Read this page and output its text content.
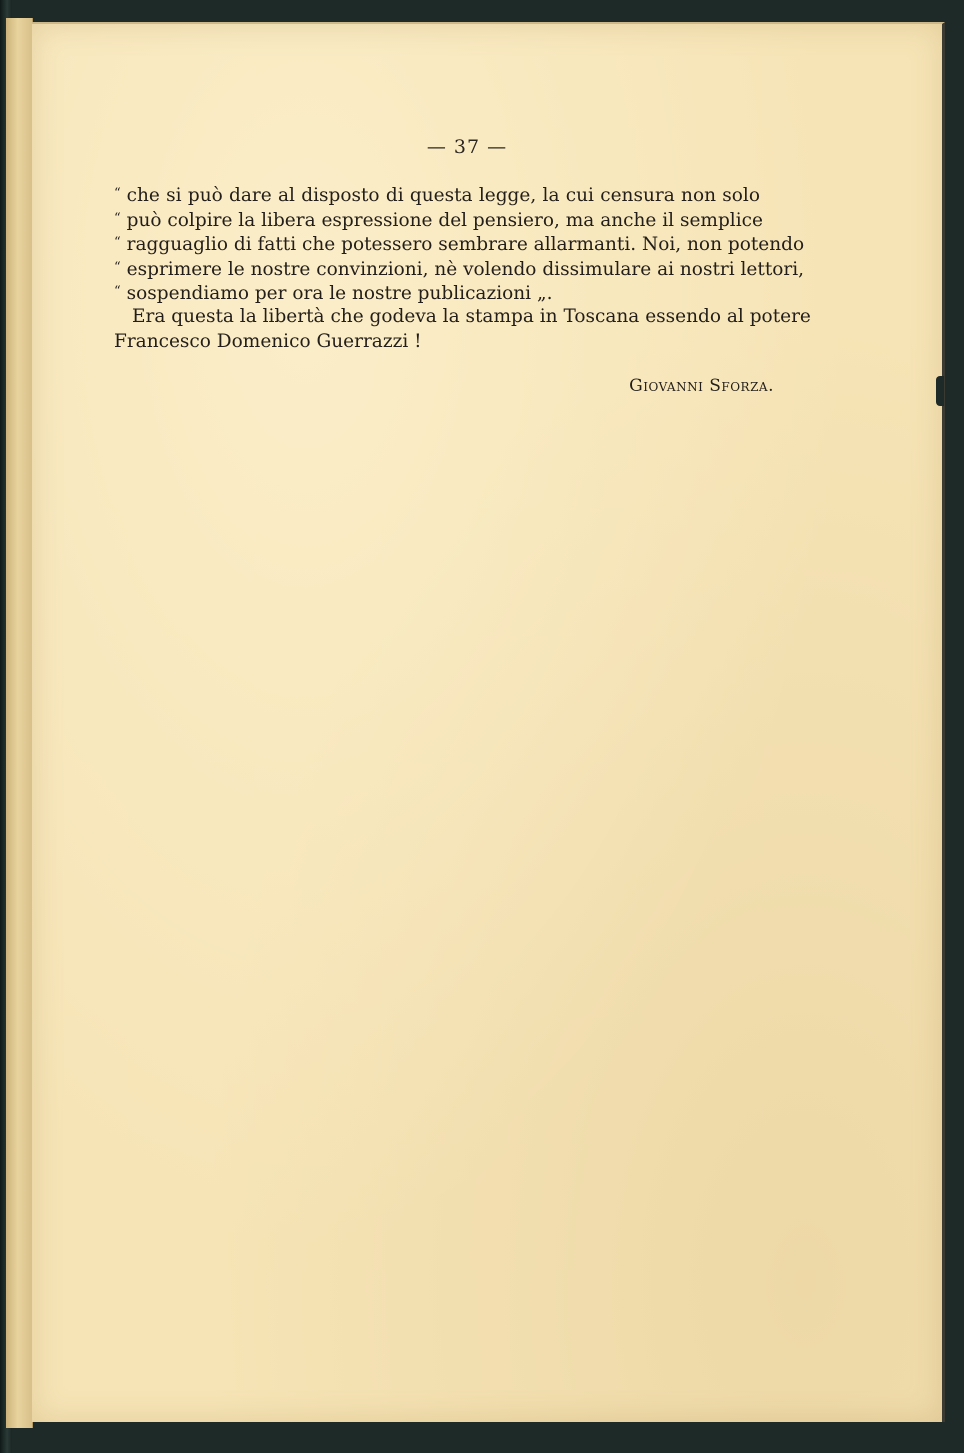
— 37 —
“ che si può dare al disposto di questa legge, la cui censura non solo
“ può colpire la libera espressione del pensiero, ma anche il semplice
“ ragguaglio di fatti che potessero sembrare allarmanti. Noi, non potendo
“ esprimere le nostre convinzioni, nè volendo dissimulare ai nostri lettori,
“ sospendiamo per ora le nostre publicazioni „.
Era questa la libertà che godeva la stampa in Toscana essendo al potere
Francesco Domenico Guerrazzi !
Giovanni Sforza.
